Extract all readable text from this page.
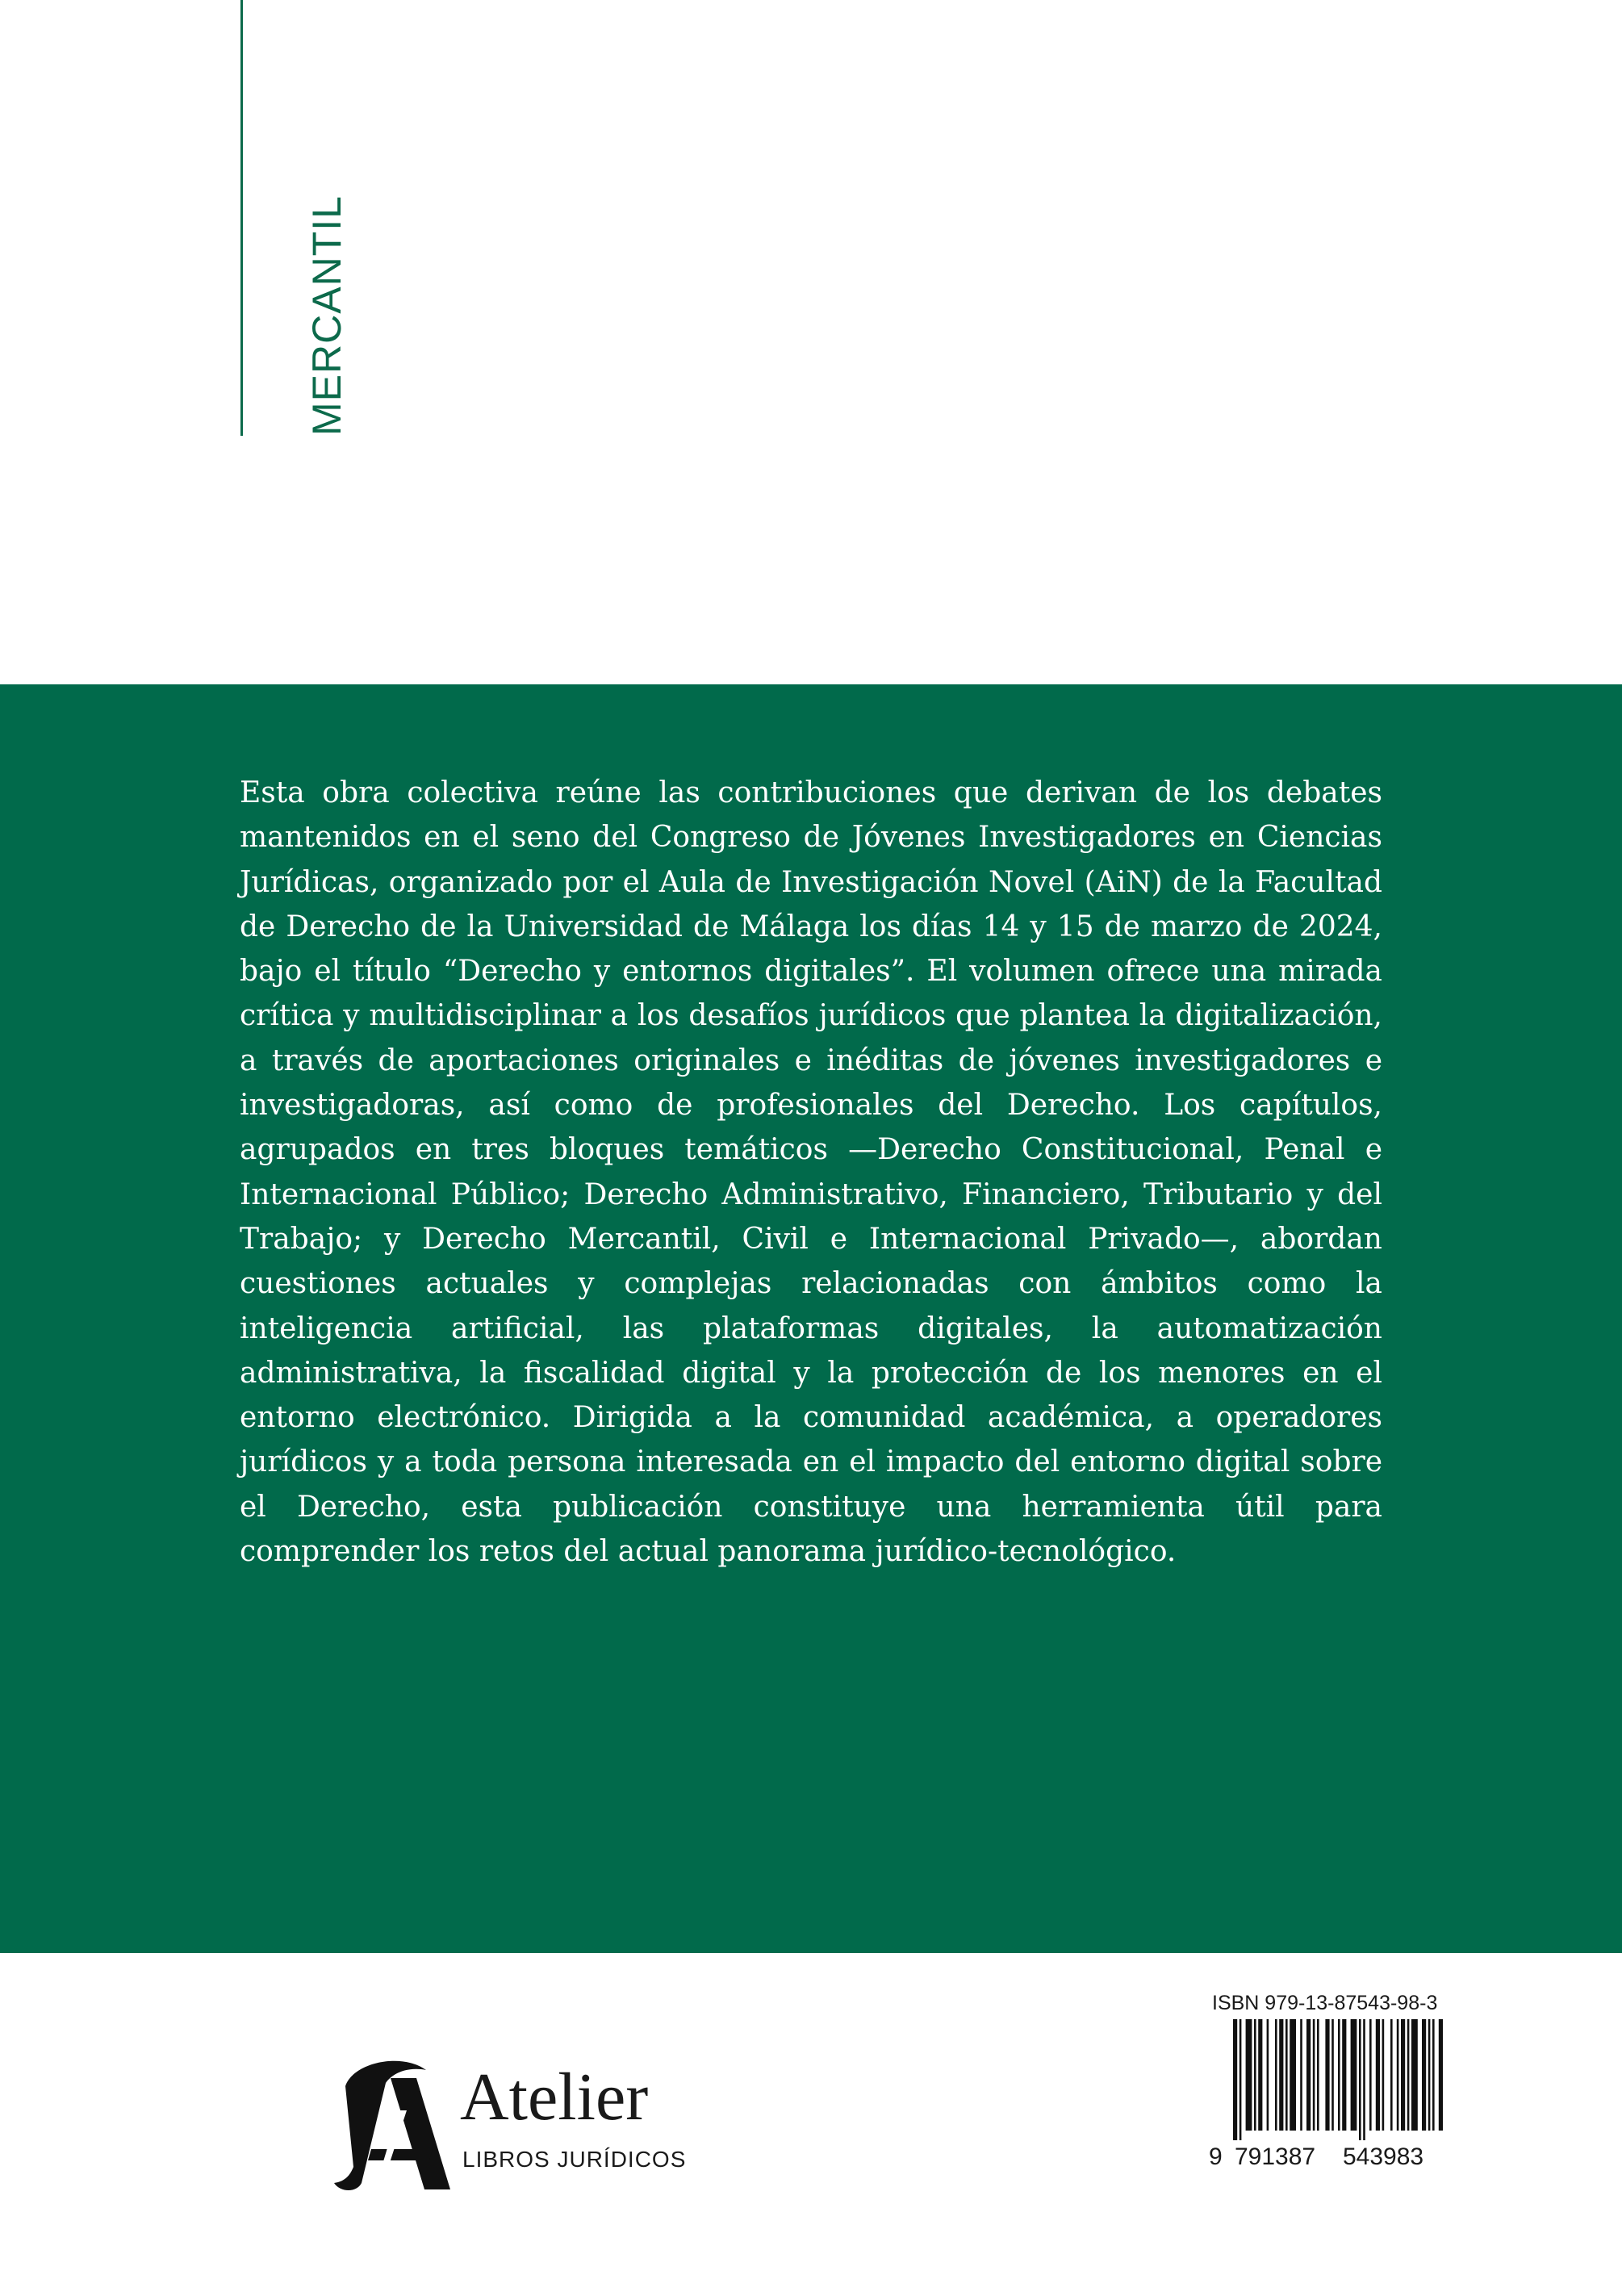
MERCANTIL
Esta obra colectiva reúne las contribuciones que derivan de los debates mantenidos en el seno del Congreso de Jóvenes Investigadores en Ciencias Jurídicas, organizado por el Aula de Investigación Novel (AiN) de la Facultad de Derecho de la Universidad de Málaga los días 14 y 15 de marzo de 2024, bajo el título “Derecho y entornos digitales”. El volumen ofrece una mirada crítica y multidisciplinar a los desafíos jurídicos que plantea la digitalización, a través de aportaciones originales e inéditas de jóvenes investigadores e investigadoras, así como de profesionales del Derecho. Los capítulos, agrupados en tres bloques temáticos —Derecho Constitucional, Penal e Internacional Público; Derecho Administrativo, Financiero, Tributario y del Trabajo; y Derecho Mercantil, Civil e Internacional Privado—, abordan cuestiones actuales y complejas relacionadas con ámbitos como la inteligencia artificial, las plataformas digitales, la automatización administrativa, la fiscalidad digital y la protección de los menores en el entorno electrónico. Dirigida a la comunidad académica, a operadores jurídicos y a toda persona interesada en el impacto del entorno digital sobre el Derecho, esta publicación constituye una herramienta útil para comprender los retos del actual panorama jurídico-tecnológico.
Atelier
LIBROS JURÍDICOS
ISBN 979-13-87543-98-3
9 791387 543983
